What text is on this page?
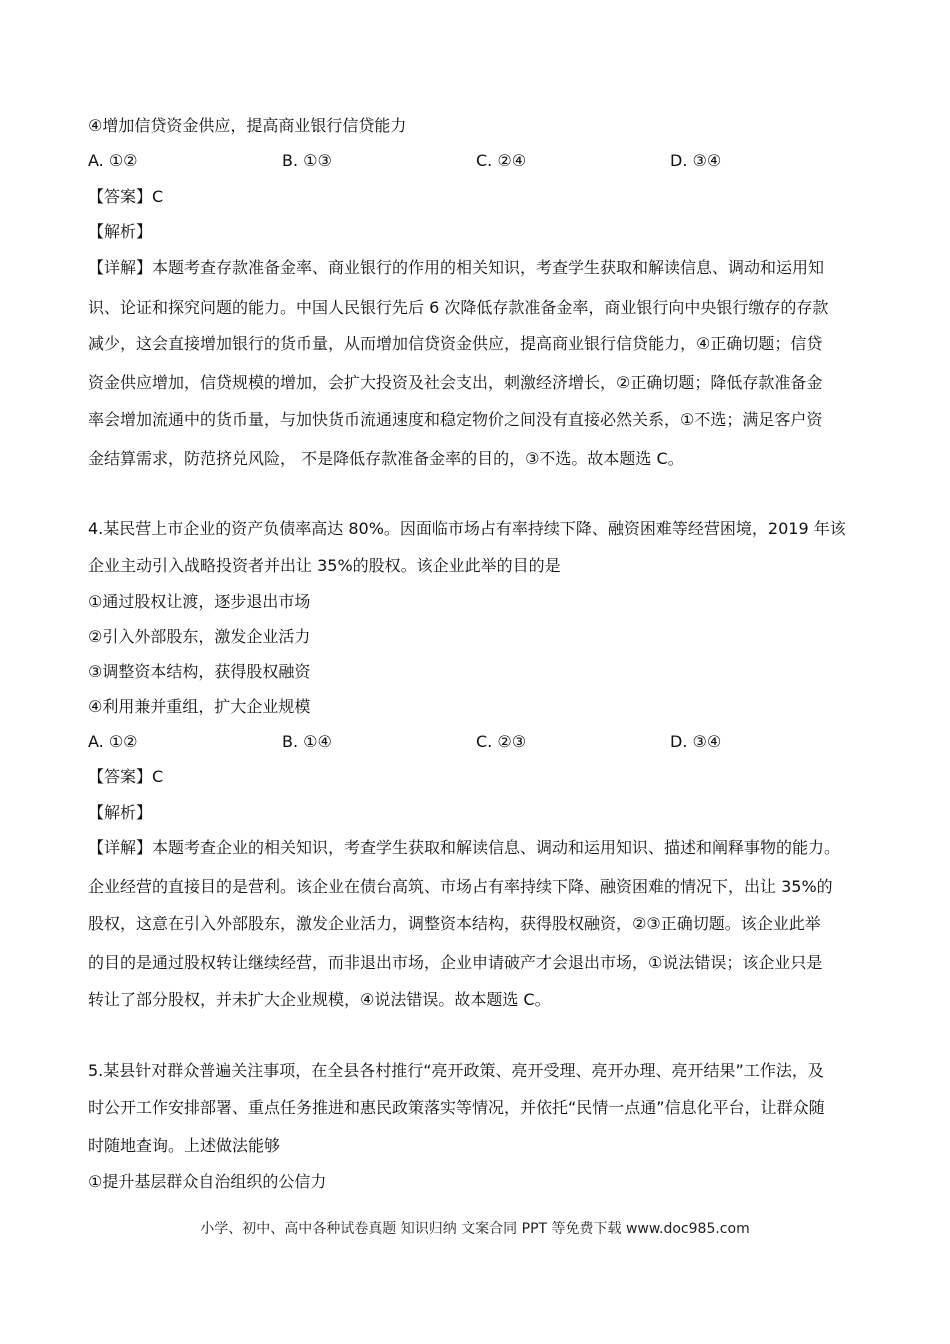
④增加信贷资金供应，提高商业银行信贷能力
A. ①②	B. ①③	C. ②④	D. ③④
【答案】C
【解析】
【详解】本题考查存款准备金率、商业银行的作用的相关知识，考查学生获取和解读信息、调动和运用知
识、论证和探究问题的能力。中国人民银行先后 6 次降低存款准备金率，商业银行向中央银行缴存的存款
减少，这会直接增加银行的货币量，从而增加信贷资金供应，提高商业银行信贷能力，④正确切题；信贷
资金供应增加，信贷规模的增加，会扩大投资及社会支出，刺激经济增长，②正确切题；降低存款准备金
率会增加流通中的货币量，与加快货币流通速度和稳定物价之间没有直接必然关系，①不选；满足客户资
金结算需求，防范挤兑风险， 不是降低存款准备金率的目的，③不选。故本题选 C。
4.某民营上市企业的资产负债率高达 80%。因面临市场占有率持续下降、融资困难等经营困境，2019 年该
企业主动引入战略投资者并出让 35%的股权。该企业此举的目的是
①通过股权让渡，逐步退出市场
②引入外部股东，激发企业活力
③调整资本结构，获得股权融资
④利用兼并重组，扩大企业规模
A. ①②	B. ①④	C. ②③	D. ③④
【答案】C
【解析】
【详解】本题考查企业的相关知识，考查学生获取和解读信息、调动和运用知识、描述和阐释事物的能力。
企业经营的直接目的是营利。该企业在债台高筑、市场占有率持续下降、融资困难的情况下，出让 35%的
股权，这意在引入外部股东，激发企业活力，调整资本结构，获得股权融资，②③正确切题。该企业此举
的目的是通过股权转让继续经营，而非退出市场，企业申请破产才会退出市场，①说法错误；该企业只是
转让了部分股权，并未扩大企业规模，④说法错误。故本题选 C。
5.某县针对群众普遍关注事项，在全县各村推行“亮开政策、亮开受理、亮开办理、亮开结果”工作法，及
时公开工作安排部署、重点任务推进和惠民政策落实等情况，并依托“民情一点通”信息化平台，让群众随
时随地查询。上述做法能够
①提升基层群众自治组织的公信力
小学、初中、高中各种试卷真题 知识归纳 文案合同 PPT 等免费下载 www.doc985.com
